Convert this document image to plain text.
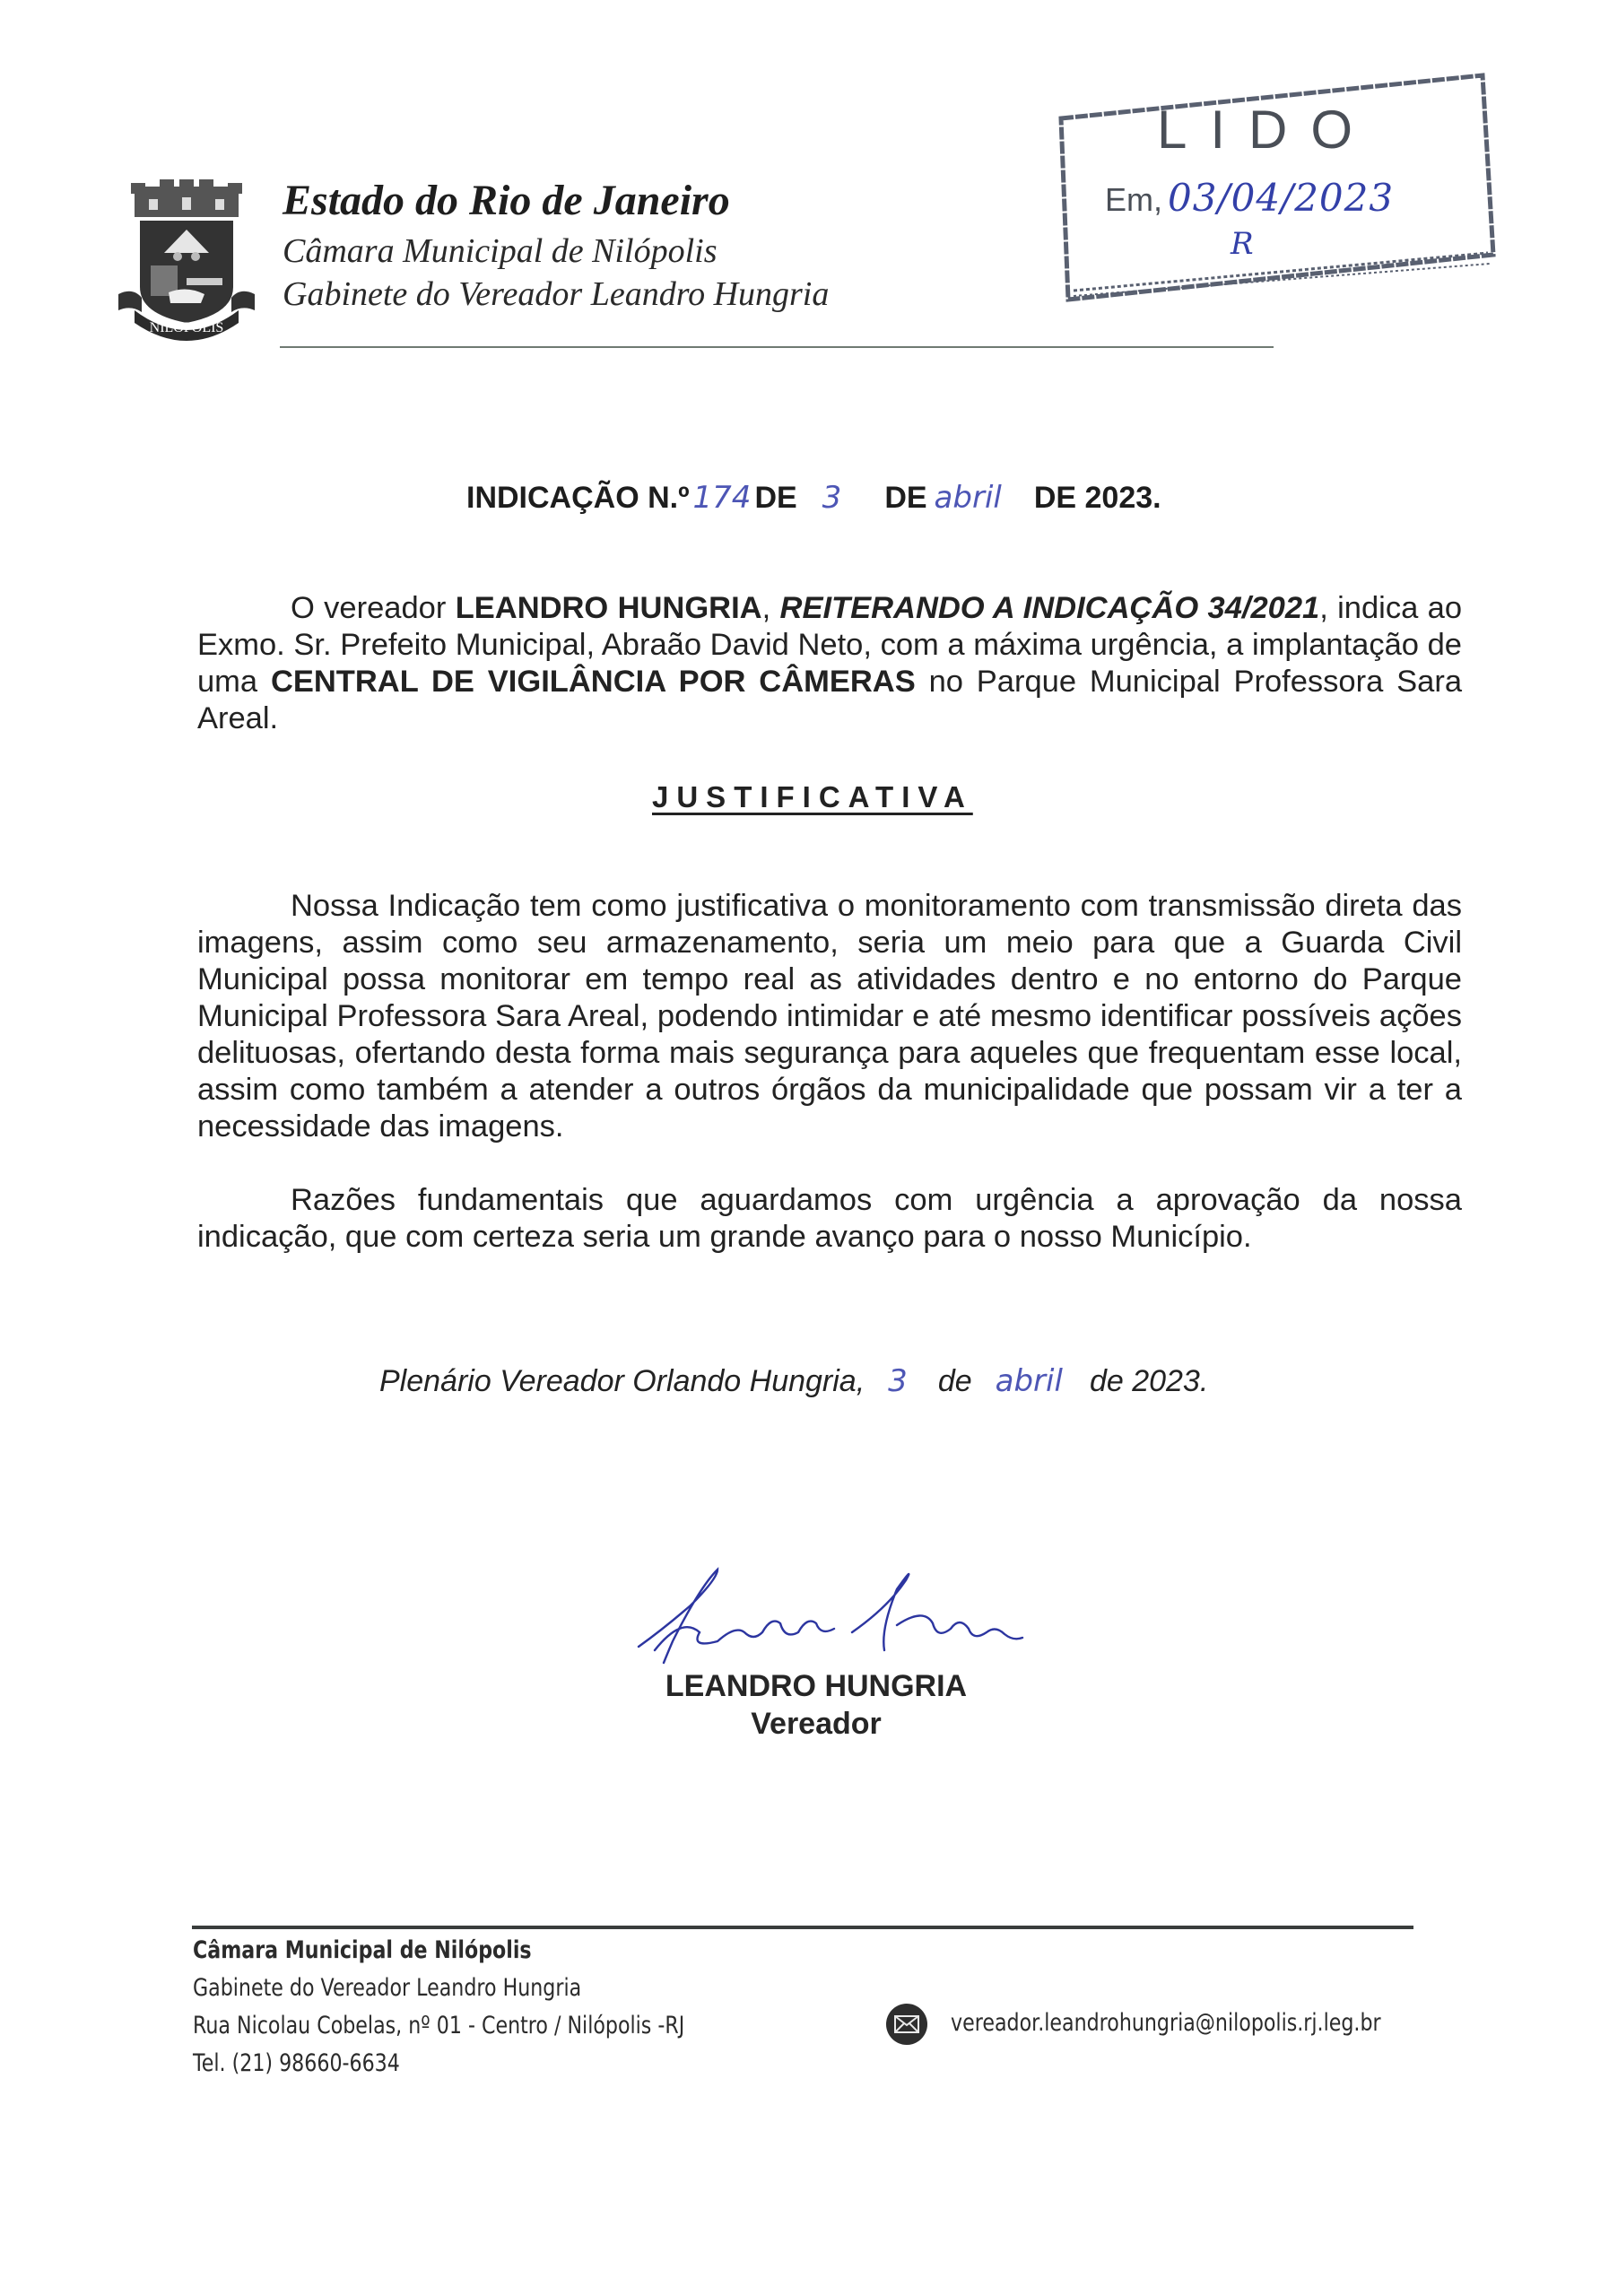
NILOPOLIS
Estado do Rio de Janeiro
Câmara Municipal de Nilópolis
Gabinete do Vereador Leandro Hungria
LIDO
Em, 03/04/2023
R
INDICAÇÃO N.º 174 DE 3 DE abril DE 2023.
O vereador LEANDRO HUNGRIA, REITERANDO A INDICAÇÃO 34/2021, indica ao Exmo. Sr. Prefeito Municipal, Abraão David Neto, com a máxima urgência, a implantação de uma CENTRAL DE VIGILÂNCIA POR CÂMERAS no Parque Municipal Professora Sara Areal.
JUSTIFICATIVA
Nossa Indicação tem como justificativa o monitoramento com transmissão direta das imagens, assim como seu armazenamento, seria um meio para que a Guarda Civil Municipal possa monitorar em tempo real as atividades dentro e no entorno do Parque Municipal Professora Sara Areal, podendo intimidar e até mesmo identificar possíveis ações delituosas, ofertando desta forma mais segurança para aqueles que frequentam esse local, assim como também a atender a outros órgãos da municipalidade que possam vir a ter a necessidade das imagens.
Razões fundamentais que aguardamos com urgência a aprovação da nossa indicação, que com certeza seria um grande avanço para o nosso Município.
Plenário Vereador Orlando Hungria, 3 de abril de 2023.
LEANDRO HUNGRIA
Vereador
Câmara Municipal de Nilópolis
Gabinete do Vereador Leandro Hungria
Rua Nicolau Cobelas, nº 01 - Centro / Nilópolis -RJ
Tel. (21) 98660-6634
vereador.leandrohungria@nilopolis.rj.leg.br
